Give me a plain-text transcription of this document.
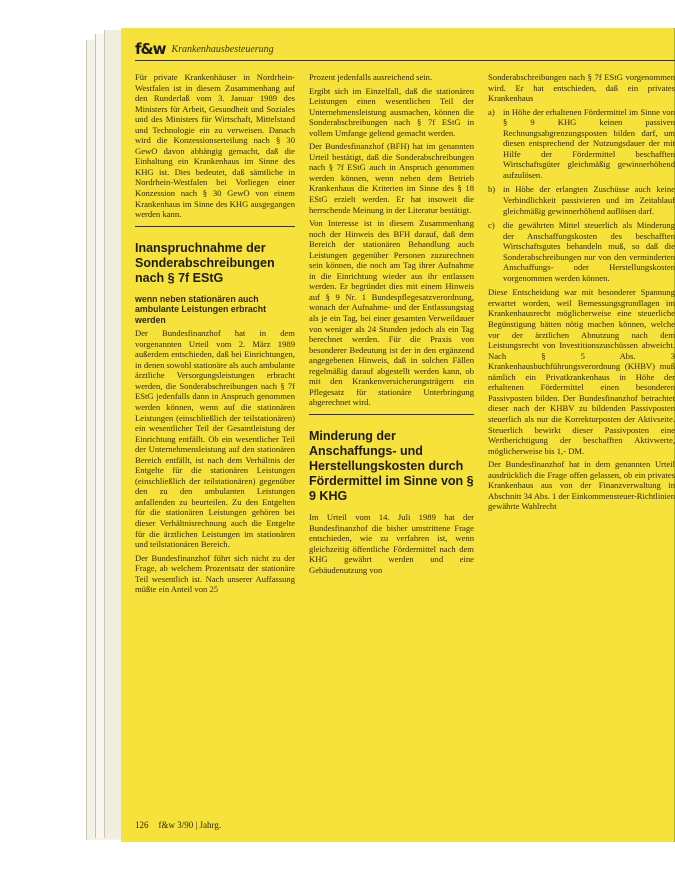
f&w Krankenhausbesteuerung

Für private Krankenhäuser in Nordrhein-Westfalen ist in diesem Zusammenhang auf den Runderlaß vom 3. Januar 1989 des Ministers für Arbeit, Gesundheit und Soziales und des Ministers für Wirtschaft, Mittelstand und Technologie ein zu verweisen. Danach wird die Konzessionserteilung nach § 30 GewO davon abhängig gemacht, daß die Einhaltung ein Krankenhaus im Sinne des KHG ist. Dies bedeutet, daß sämtliche in Nordrhein-Westfalen bei Vorliegen einer Konzession nach § 30 GewO von einem Krankenhaus im Sinne des KHG ausgegangen werden kann.

Inanspruchnahme der Sonderabschreibungen nach § 7f EStG
wenn neben stationären auch ambulante Leistungen erbracht werden

Der Bundesfinanzhof hat in dem vorgenannten Urteil vom 2. März 1989 außerdem entschieden, daß bei Einrichtungen, in denen sowohl stationäre als auch ambulante ärztliche Versorgungsleistungen erbracht werden, die Sonderabschreibungen nach § 7f EStG jedenfalls dann in Anspruch genommen werden können, wenn auf die stationären Leistungen (einschließlich der teilstationären) ein wesentlicher Teil der Gesamtleistung der Einrichtung entfällt. Ob ein wesentlicher Teil der Unternehmensleistung auf den stationären Bereich entfällt, ist nach dem Verhältnis der Entgelte für die stationären Leistungen (einschließlich der teilstationären) gegenüber den zu den ambulanten Leistungen anfallenden zu beurteilen. Zu den Entgelten für die stationären Leistungen gehören bei dieser Verhältnisrechnung auch die Entgelte für die ärztlichen Leistungen im stationären und teilstationären Bereich.

Der Bundesfinanzhof führt sich nicht zu der Frage, ab welchem Prozentsatz der stationäre Teil wesentlich ist. Nach unserer Auffassung müßte ein Anteil von 25

Prozent jedenfalls ausreichend sein.

Ergibt sich im Einzelfall, daß die stationären Leistungen einen wesentlichen Teil der Unternehmensleistung ausmachen, können die Sonderabschreibungen nach § 7f EStG in vollem Umfange geltend gemacht werden.

Der Bundesfinanzhof (BFH) hat im genannten Urteil bestätigt, daß die Sonderabschreibungen nach § 7f EStG auch in Anspruch genommen werden können, wenn neben dem Betrieb Krankenhaus die Kriterien im Sinne des § 18 EStG erzielt werden. Er hat insoweit die herrschende Meinung in der Literatur bestätigt.

Von Interesse ist in diesem Zusammenhang noch der Hinweis des BFH darauf, daß dem Bereich der stationären Behandlung auch Leistungen gegenüber Personen zuzurechnen sein können, die noch am Tag ihrer Aufnahme in die Einrichtung wieder aus ihr entlassen werden. Er begründet dies mit einem Hinweis auf § 9 Nr. 1 Bundespflegesatzverordnung, wonach der Aufnahme- und der Entlassungstag als je ein Tag, bei einer gesamten Verweildauer von weniger als 24 Stunden jedoch als ein Tag berechnet werden. Für die Praxis von besonderer Bedeutung ist der in den ergänzend angegebenen Hinweis, daß in solchen Fällen regelmäßig darauf abgestellt werden kann, ob mit den Krankenversicherungsträgern ein Pflegesatz für stationäre Unterbringung abgerechnet wird.

Minderung der Anschaffungs- und Herstellungskosten durch Fördermittel im Sinne von § 9 KHG

Im Urteil vom 14. Juli 1989 hat der Bundesfinanzhof die bisher umstrittene Frage entschieden, wie zu verfahren ist, wenn gleichzeitig öffentliche Fördermittel nach dem KHG gewährt werden und eine Gebäudenutzung von

Sonderabschreibungen nach § 7f EStG vorgenommen wird. Er hat entschieden, daß ein privates Krankenhaus

a) in Höhe der erhaltenen Fördermittel im Sinne von § 9 KHG keinen passiven Rechnungsabgrenzungsposten bilden darf, um diesen entsprechend der Nutzungsdauer der mit Hilfe der Fördermittel beschafften Wirtschaftsgüter gleichmäßig gewinnerhöhend aufzulösen.
b) in Höhe der erlangten Zuschüsse auch keine Verbindlichkeit passivieren und im Zeitablauf gleichmäßig gewinnerhöhend auflösen darf.
c) die gewährten Mittel steuerlich als Minderung der Anschaffungskosten des beschafften Wirtschaftsgutes behandeln muß, so daß die Sonderabschreibungen nur von den verminderten Anschaffungs- oder Herstellungskosten vorgenommen werden können.

Diese Entscheidung war mit besonderer Spannung erwartet worden, weil Bemessungsgrundlagen im Krankenhausrecht möglicherweise eine steuerliche Begünstigung hätten nötig machen können, welche vor der ärztlichen Abnutzung nach dem Leistungsrecht von Investitionszuschüssen abweicht. Nach § 5 Abs. 3 Krankenhausbuchführungsverordnung (KHBV) muß nämlich ein Privatkrankenhaus in Höhe der erhaltenen Fördermittel einen besonderen Passivposten bilden. Der Bundesfinanzhof betrachtet dieser nach der KHBV zu bildenden Passivposten steuerlich als nur die Korrekturposten der Aktivseite. Steuerlich bewirkt dieser Passivposten eine Wertberichtigung der beschafften Aktivwerte, möglicherweise bis 1,- DM.

Der Bundesfinanzhof hat in dem genannten Urteil ausdrücklich die Frage offen gelassen, ob ein privates Krankenhaus aus von der Finanzverwaltung in Abschnitt 34 Abs. 1 der Einkommensteuer-Richtlinien gewährte Wahlrecht

126 f&w 3/90 | Jahrg.
